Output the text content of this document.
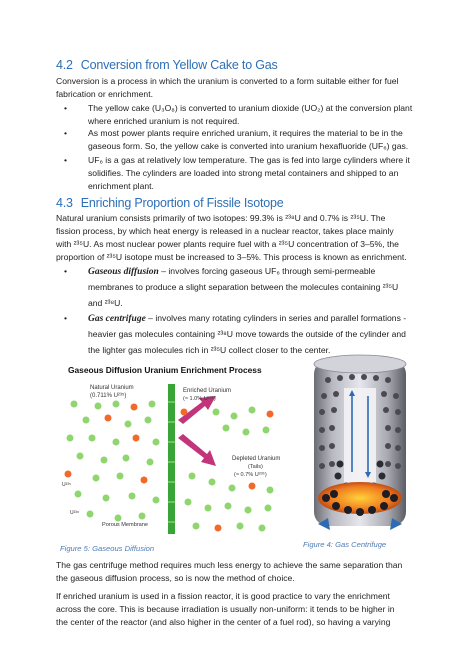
4.2 Conversion from Yellow Cake to Gas

Conversion is a process in which the uranium is converted to a form suitable either for fuel

fabrication or enrichment.

• The yellow cake (U₃O₈) is converted to uranium dioxide (UO₂) at the conversion plant
where enriched uranium is not required.
• As most power plants require enriched uranium, it requires the material to be in the
gaseous form. So, the yellow cake is converted into uranium hexafluoride (UF₆) gas.
• UF₆ is a gas at relatively low temperature. The gas is fed into large cylinders where it
solidifies. The cylinders are loaded into strong metal containers and shipped to an
enrichment plant.
4.3 Enriching Proportion of Fissile Isotope

Natural uranium consists primarily of two isotopes: 99.3% is ²³⁸U and 0.7% is ²³⁵U. The

fission process, by which heat energy is released in a nuclear reactor, takes place mainly

with ²³⁵U. As most nuclear power plants require fuel with a ²³⁵U concentration of 3–5%, the

proportion of ²³⁵U isotope must be increased to 3–5%. This process is known as enrichment.

• Gaseous diffusion – involves forcing gaseous UF₆ through semi-permeable
membranes to produce a slight separation between the molecules containing ²³⁵U
and ²³⁸U.
• Gas centrifuge – involves many rotating cylinders in series and parallel formations -
heavier gas molecules containing ²³⁸U move towards the outside of the cylinder and
the lighter gas molecules rich in ²³⁵U collect closer to the center.
Gaseous Diffusion Uranium Enrichment Process
Natural Uranium
(0.711% U²³⁵)
U²³⁵
U²³⁸
Porous Membrane
Enriched Uranium
(≈ 1.0% U²³⁵)
Depleted Uranium
(Tails)
(≈ 0.7% U²³⁵)
Figure 5: Gaseous Diffusion	Figure 4: Gas Centrifuge

The gas centrifuge method requires much less energy to achieve the same separation than

the gaseous diffusion process, so is now the method of choice.

If enriched uranium is used in a fission reactor, it is good practice to vary the enrichment

across the core. This is because irradiation is usually non-uniform: it tends to be higher in

the center of the reactor (and also higher in the center of a fuel rod), so having a varying
